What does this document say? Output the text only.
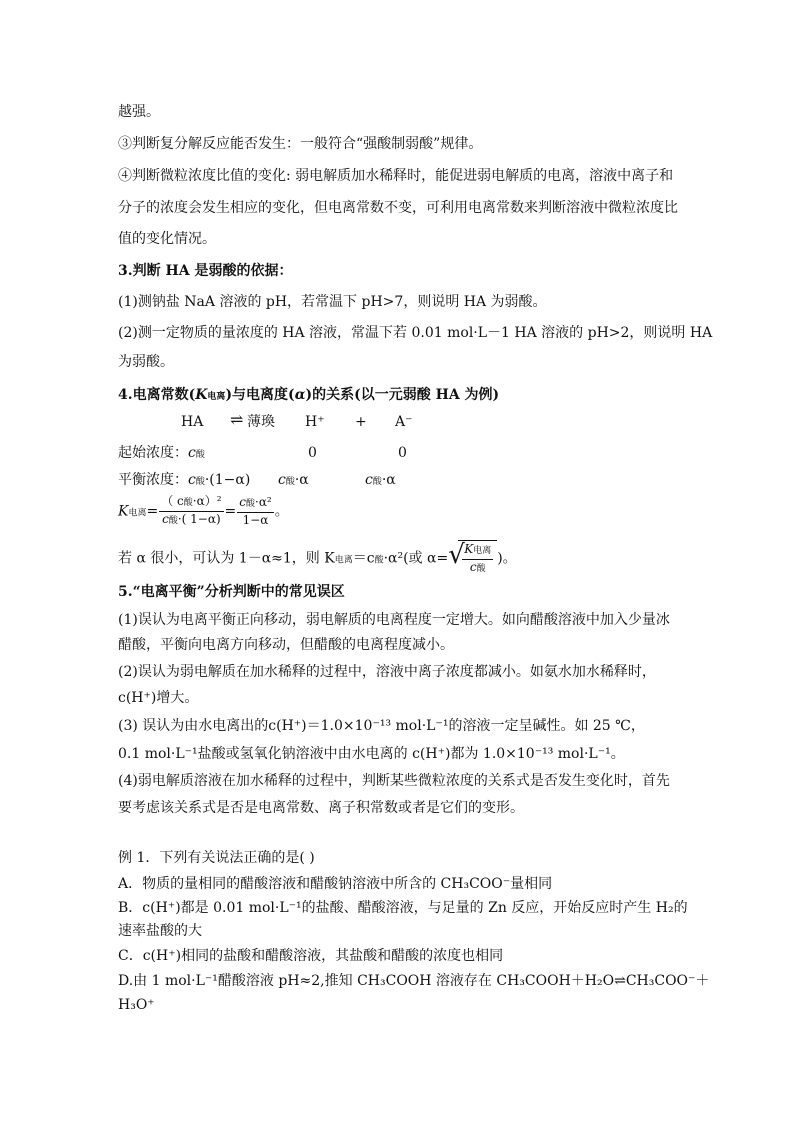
越强。
③判断复分解反应能否发生：一般符合“强酸制弱酸”规律。
④判断微粒浓度比值的变化: 弱电解质加水稀释时，能促进弱电解质的电离，溶液中离子和
分子的浓度会发生相应的变化，但电离常数不变，可利用电离常数来判断溶液中微粒浓度比
值的变化情况。
3.判断 HA 是弱酸的依据：
(1)测钠盐 NaA 溶液的 pH，若常温下 pH>7，则说明 HA 为弱酸。
(2)测一定物质的量浓度的 HA 溶液，常温下若 0.01 mol·L－1 HA 溶液的 pH>2，则说明 HA
为弱酸。
4.电离常数(K电离)与电离度(α)的关系(以一元弱酸 HA 为例)
HA ⇌ 薄瑍 H⁺ + A⁻
起始浓度： c酸	0	0
平衡浓度： c酸·(1−α) c酸·α	c酸·α
K电离= $\frac{\text{（ c酸·α）²}}{\text{c酸·( 1−α)}} = \frac{\text{c酸·α²}}{1-\alpha}$ 。
若 α 很小，可认为 1－α≈1，则 K电离＝c酸·α²(或 α= √
$\frac{\text{K电离}}{\text{c酸}}$ )。
5.“电离平衡”分析判断中的常见误区
(1)误认为电离平衡正向移动，弱电解质的电离程度一定增大。如向醋酸溶液中加入少量冰
醋酸，平衡向电离方向移动，但醋酸的电离程度减小。
(2)误认为弱电解质在加水稀释的过程中，溶液中离子浓度都减小。如氨水加水稀释时，
c(H⁺)增大。
(3) 误认为由水电离出的c(H⁺)＝1.0×10⁻¹³ mol·L⁻¹的溶液一定呈碱性。如 25 ℃，
0.1 mol·L⁻¹盐酸或氢氧化钠溶液中由水电离的 c(H⁺)都为 1.0×10⁻¹³ mol·L⁻¹。
(4)弱电解质溶液在加水稀释的过程中，判断某些微粒浓度的关系式是否发生变化时，首先
要考虑该关系式是否是电离常数、离子积常数或者是它们的变形。
例 1．下列有关说法正确的是( )
A．物质的量相同的醋酸溶液和醋酸钠溶液中所含的 CH₃COO⁻量相同
B．c(H⁺)都是 0.01 mol·L⁻¹的盐酸、醋酸溶液，与足量的 Zn 反应，开始反应时产生 H₂的
速率盐酸的大
C．c(H⁺)相同的盐酸和醋酸溶液，其盐酸和醋酸的浓度也相同
D.由 1 mol·L⁻¹醋酸溶液 pH≈2,推知 CH₃COOH 溶液存在 CH₃COOH＋H₂O⇌CH₃COO⁻＋
H₃O⁺
